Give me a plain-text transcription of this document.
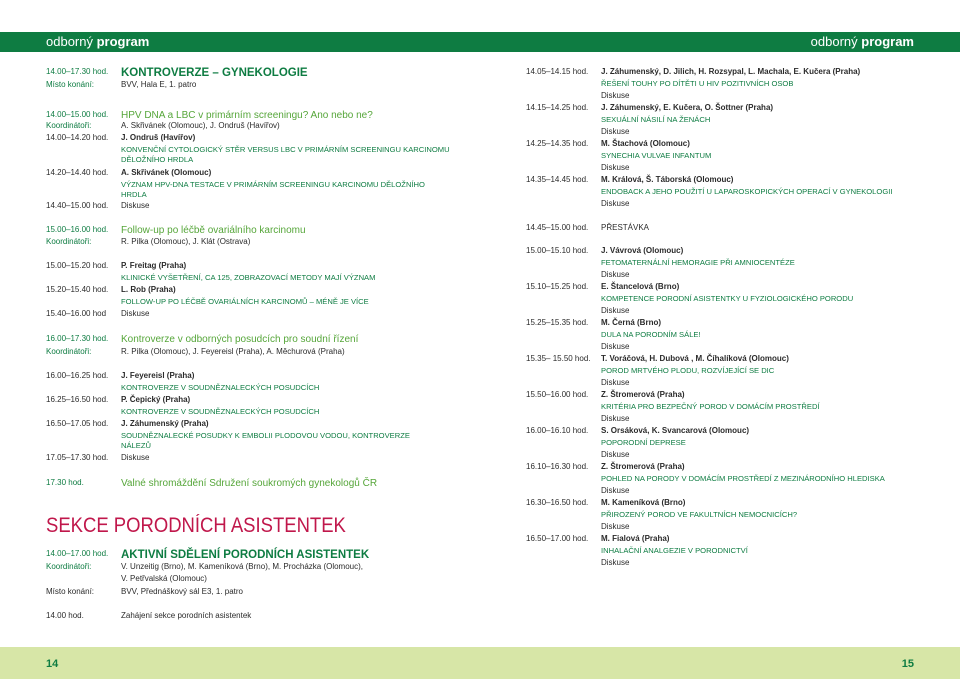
odborný program	odborný program
14.00–17.30 hod.	KONTROVERZE – GYNEKOLOGIE
Místo konání:	BVV, Hala E, 1. patro
14.00–15.00 hod.	HPV DNA a LBC v primárním screeningu? Ano nebo ne?
Koordinátoři:	A. Skřivánek (Olomouc), J. Ondruš (Havířov)
14.00–14.20 hod.	J. Ondruš (Havířov)
KONVENČNÍ CYTOLOGICKÝ STĚR VERSUS LBC V PRIMÁRNÍM SCREENINGU KARCINOMU DĚLOŽNÍHO HRDLA
14.20–14.40 hod.	A. Skřivánek (Olomouc)
VÝZNAM HPV-DNA TESTACE V PRIMÁRNÍM SCREENINGU KARCINOMU DĚLOŽNÍHO HRDLA
14.40–15.00 hod.	Diskuse
15.00–16.00 hod.	Follow-up po léčbě ovariálního karcinomu
Koordinátoři:	R. Pilka (Olomouc), J. Klát (Ostrava)
15.00–15.20 hod.	P. Freitag (Praha)
KLINICKÉ VYŠETŘENÍ, CA 125, ZOBRAZOVACÍ METODY MAJÍ VÝZNAM
15.20–15.40 hod.	L. Rob (Praha)
FOLLOW-UP PO LÉČBĚ OVARIÁLNÍCH KARCINOMŮ – MÉNĚ JE VÍCE
15.40–16.00 hod	Diskuse
16.00–17.30 hod.	Kontroverze v odborných posudcích pro soudní řízení
Koordinátoři:	R. Pilka (Olomouc), J. Feyereisl (Praha), A. Měchurová (Praha)
16.00–16.25 hod.	J. Feyereisl (Praha)
KONTROVERZE V SOUDNĚZNALECKÝCH POSUDCÍCH
16.25–16.50 hod.	P. Čepický (Praha)
KONTROVERZE V SOUDNĚZNALECKÝCH POSUDCÍCH
16.50–17.05 hod.	J. Záhumenský (Praha)
SOUDNĚZNALECKÉ POSUDKY K EMBOLII PLODOVOU VODOU, KONTROVERZE NÁLEZŮ
17.05–17.30 hod.	Diskuse
17.30 hod.	Valné shromáždění Sdružení soukromých gynekologů ČR
SEKCE PORODNÍCH ASISTENTEK
14.00–17.00 hod.	AKTIVNÍ SDĚLENÍ PORODNÍCH ASISTENTEK
Koordinátoři:	V. Unzeitig (Brno), M. Kameníková (Brno), M. Procházka (Olomouc),
V. Petřvalská (Olomouc)
Místo konání:	BVV, Přednáškový sál E3, 1. patro
14.00 hod.	Zahájení sekce porodních asistentek
14.05–14.15 hod.	J. Záhumenský, D. Jilich, H. Rozsypal, L. Machala, E. Kučera (Praha)
ŘEŠENÍ TOUHY PO DÍTĚTI U HIV POZITIVNÍCH OSOB
Diskuse
14.15–14.25 hod.	J. Záhumenský, E. Kučera, O. Šottner (Praha)
SEXUÁLNÍ NÁSILÍ NA ŽENÁCH
Diskuse
14.25–14.35 hod.	M. Štachová (Olomouc)
SYNECHIA VULVAE INFANTUM
Diskuse
14.35–14.45 hod.	M. Králová, Š. Táborská (Olomouc)
ENDOBACK A JEHO POUŽITÍ U LAPAROSKOPICKÝCH OPERACÍ V GYNEKOLOGII
Diskuse
14.45–15.00 hod.	PŘESTÁVKA
15.00–15.10 hod.	J. Vávrová (Olomouc)
FETOMATERNÁLNÍ HEMORAGIE PŘI AMNIOCENTÉZE
Diskuse
15.10–15.25 hod.	E. Štancelová (Brno)
KOMPETENCE PORODNÍ ASISTENTKY U FYZIOLOGICKÉHO PORODU
Diskuse
15.25–15.35 hod.	M. Černá (Brno)
DULA NA PORODNÍM SÁLE!
Diskuse
15.35– 15.50 hod.	T. Voráčová, H. Dubová , M. Číhalíková (Olomouc)
POROD MRTVÉHO PLODU, ROZVÍJEJÍCÍ SE DIC
Diskuse
15.50–16.00 hod.	Z. Štromerová (Praha)
KRITÉRIA PRO BEZPEČNÝ POROD V DOMÁCÍM PROSTŘEDÍ
Diskuse
16.00–16.10 hod.	S. Orsáková, K. Svancarová (Olomouc)
POPORODNÍ DEPRESE
Diskuse
16.10–16.30 hod.	Z. Štromerová (Praha)
POHLED NA PORODY V DOMÁCÍM PROSTŘEDÍ Z MEZINÁRODNÍHO HLEDISKA
Diskuse
16.30–16.50 hod.	M. Kameníková (Brno)
PŘIROZENÝ POROD VE FAKULTNÍCH NEMOCNICÍCH?
Diskuse
16.50–17.00 hod.	M. Fialová (Praha)
INHALAČNÍ ANALGEZIE V PORODNICTVÍ
Diskuse
14	15
